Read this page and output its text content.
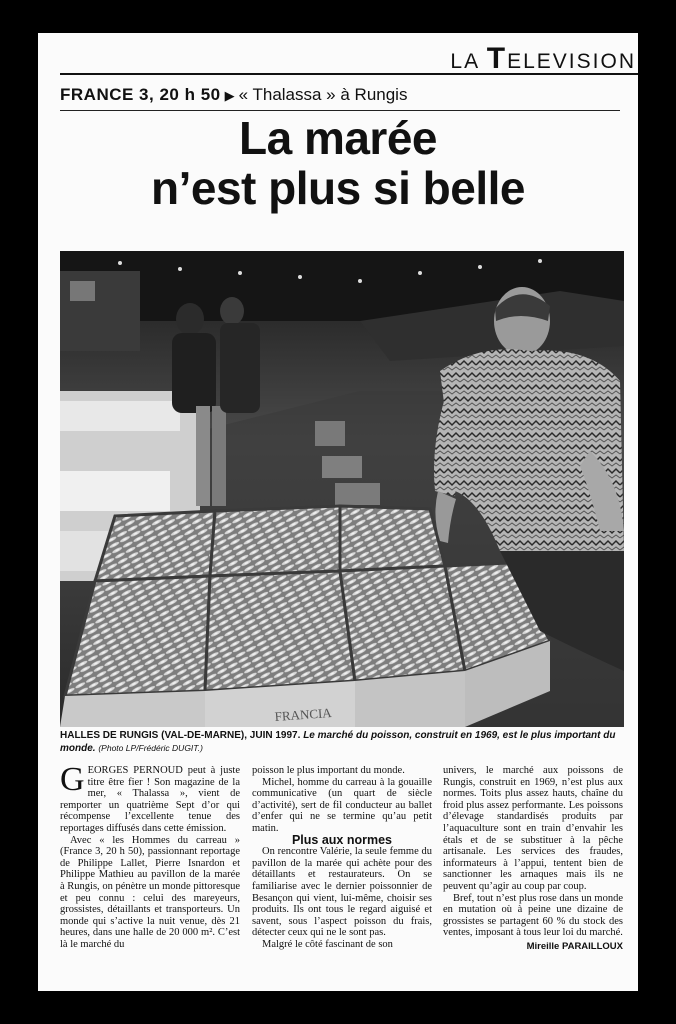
LA TELEVISION
FRANCE 3, 20 h 50 ▶ « Thalassa » à Rungis
La marée
n’est plus si belle
FRANCIA
HALLES DE RUNGIS (VAL-DE-MARNE), JUIN 1997. Le marché du poisson, construit en 1969, est le plus important du monde. (Photo LP/Frédéric DUGIT.)

GEORGES PERNOUD peut à juste titre être fier ! Son magazine de la mer, « Thalassa », vient de remporter un quatrième Sept d’or qui récompense l’excellente tenue des reportages diffusés dans cette émission.

Avec « les Hommes du carreau » (France 3, 20 h 50), passionnant reportage de Philippe Lallet, Pierre Isnardon et Philippe Mathieu au pavillon de la marée à Rungis, on pénètre un monde pittoresque et peu connu : celui des mareyeurs, grossistes, détaillants et transporteurs. Un monde qui s’active la nuit venue, dès 21 heures, dans une halle de 20 000 m². C’est là le marché du

poisson le plus important du monde.

Michel, homme du carreau à la gouaille communicative (un quart de siècle d’activité), sert de fil conducteur au ballet d’enfer qui ne se termine qu’au petit matin.

Plus aux normes

On rencontre Valérie, la seule femme du pavillon de la marée qui achète pour des détaillants et restaurateurs. On se familiarise avec le dernier poissonnier de Besançon qui vient, lui-même, choisir ses produits. Ils ont tous le regard aiguisé et savent, sous l’aspect poisson du frais, détecter ceux qui ne le sont pas.

Malgré le côté fascinant de son

univers, le marché aux poissons de Rungis, construit en 1969, n’est plus aux normes. Toits plus assez hauts, chaîne du froid plus assez performante. Les poissons d’élevage standardisés produits par l’aquaculture sont en train d’envahir les étals et de se substituer à la pêche artisanale. Les services des fraudes, informateurs à l’appui, tentent bien de sanctionner les arnaques mais ils ne peuvent qu’agir au coup par coup.

Bref, tout n’est plus rose dans un monde en mutation où à peine une dizaine de grossistes se partagent 60 % du stock des ventes, imposant à tous leur loi du marché.

Mireille PARAILLOUX
